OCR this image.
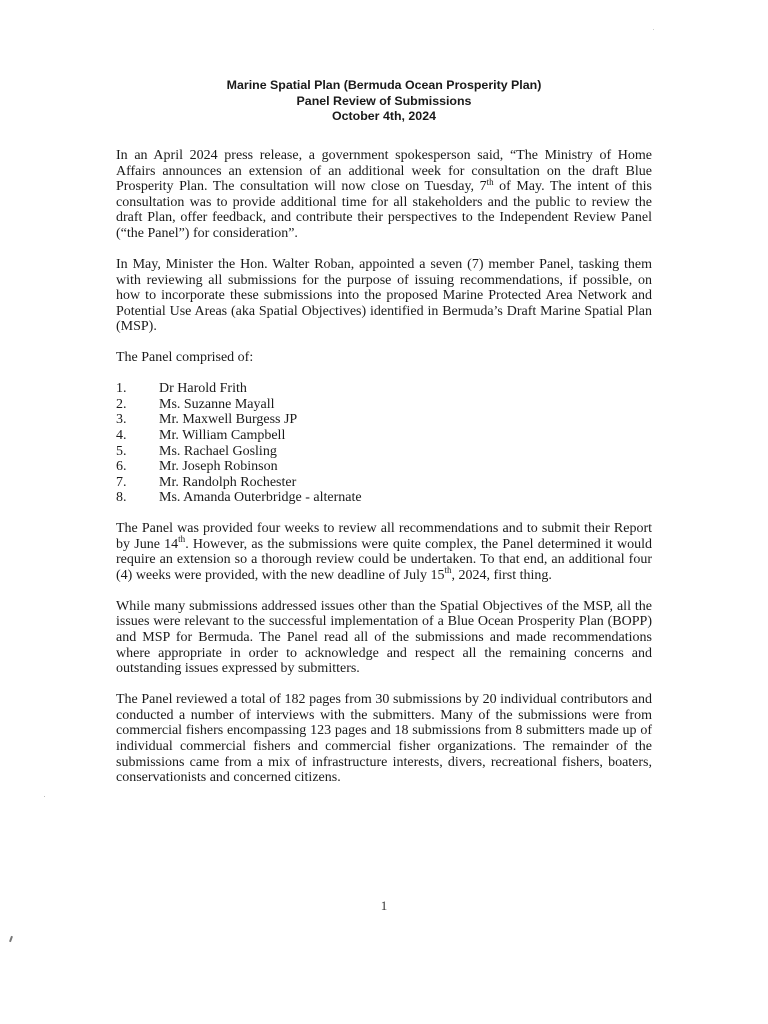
Marine Spatial Plan (Bermuda Ocean Prosperity Plan)
Panel Review of Submissions
October 4th, 2024

In an April 2024 press release, a government spokesperson said, “The Ministry of Home Affairs announces an extension of an additional week for consultation on the draft Blue Prosperity Plan. The consultation will now close on Tuesday, 7th of May. The intent of this consultation was to provide additional time for all stakeholders and the public to review the draft Plan, offer feedback, and contribute their perspectives to the Independent Review Panel (“the Panel”) for consideration”.

In May, Minister the Hon. Walter Roban, appointed a seven (7) member Panel, tasking them with reviewing all submissions for the purpose of issuing recommendations, if possible, on how to incorporate these submissions into the proposed Marine Protected Area Network and Potential Use Areas (aka Spatial Objectives) identified in Bermuda’s Draft Marine Spatial Plan (MSP).

The Panel comprised of:

1. Dr Harold Frith
2. Ms. Suzanne Mayall
3. Mr. Maxwell Burgess JP
4. Mr. William Campbell
5. Ms. Rachael Gosling
6. Mr. Joseph Robinson
7. Mr. Randolph Rochester
8. Ms. Amanda Outerbridge - alternate

The Panel was provided four weeks to review all recommendations and to submit their Report by June 14th. However, as the submissions were quite complex, the Panel determined it would require an extension so a thorough review could be undertaken. To that end, an additional four (4) weeks were provided, with the new deadline of July 15th, 2024, first thing.

While many submissions addressed issues other than the Spatial Objectives of the MSP, all the issues were relevant to the successful implementation of a Blue Ocean Prosperity Plan (BOPP) and MSP for Bermuda. The Panel read all of the submissions and made recommendations where appropriate in order to acknowledge and respect all the remaining concerns and outstanding issues expressed by submitters.

The Panel reviewed a total of 182 pages from 30 submissions by 20 individual contributors and conducted a number of interviews with the submitters. Many of the submissions were from commercial fishers encompassing 123 pages and 18 submissions from 8 submitters made up of individual commercial fishers and commercial fisher organizations. The remainder of the submissions came from a mix of infrastructure interests, divers, recreational fishers, boaters, conservationists and concerned citizens.

1
